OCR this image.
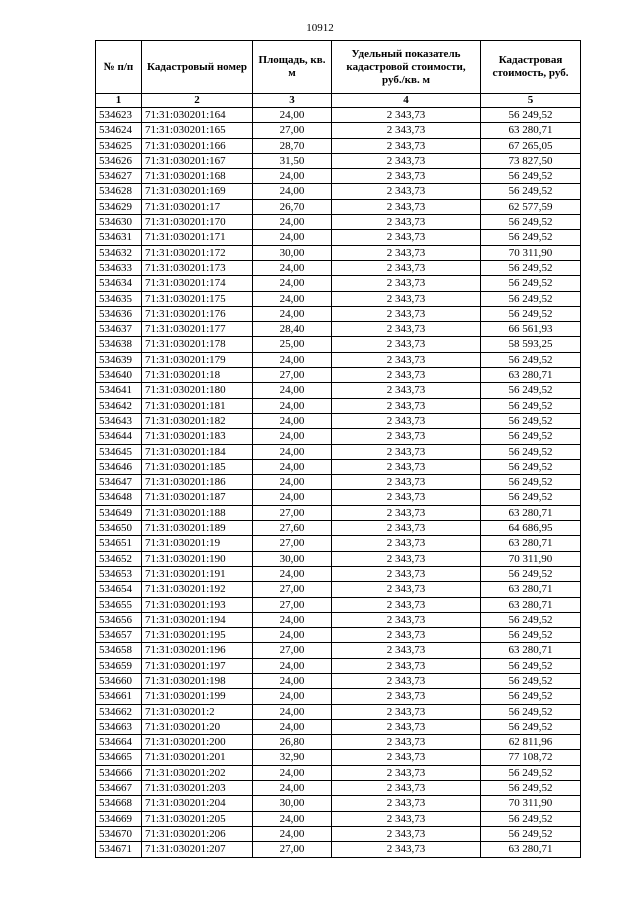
10912
№ п/п	Кадастровый номер	Площадь, кв. м	Удельный показатель кадастровой стоимости, руб./кв. м	Кадастровая стоимость, руб.
1	2	3	4	5
534623	71:31:030201:164	24,00	2 343,73	56 249,52
534624	71:31:030201:165	27,00	2 343,73	63 280,71
534625	71:31:030201:166	28,70	2 343,73	67 265,05
534626	71:31:030201:167	31,50	2 343,73	73 827,50
534627	71:31:030201:168	24,00	2 343,73	56 249,52
534628	71:31:030201:169	24,00	2 343,73	56 249,52
534629	71:31:030201:17	26,70	2 343,73	62 577,59
534630	71:31:030201:170	24,00	2 343,73	56 249,52
534631	71:31:030201:171	24,00	2 343,73	56 249,52
534632	71:31:030201:172	30,00	2 343,73	70 311,90
534633	71:31:030201:173	24,00	2 343,73	56 249,52
534634	71:31:030201:174	24,00	2 343,73	56 249,52
534635	71:31:030201:175	24,00	2 343,73	56 249,52
534636	71:31:030201:176	24,00	2 343,73	56 249,52
534637	71:31:030201:177	28,40	2 343,73	66 561,93
534638	71:31:030201:178	25,00	2 343,73	58 593,25
534639	71:31:030201:179	24,00	2 343,73	56 249,52
534640	71:31:030201:18	27,00	2 343,73	63 280,71
534641	71:31:030201:180	24,00	2 343,73	56 249,52
534642	71:31:030201:181	24,00	2 343,73	56 249,52
534643	71:31:030201:182	24,00	2 343,73	56 249,52
534644	71:31:030201:183	24,00	2 343,73	56 249,52
534645	71:31:030201:184	24,00	2 343,73	56 249,52
534646	71:31:030201:185	24,00	2 343,73	56 249,52
534647	71:31:030201:186	24,00	2 343,73	56 249,52
534648	71:31:030201:187	24,00	2 343,73	56 249,52
534649	71:31:030201:188	27,00	2 343,73	63 280,71
534650	71:31:030201:189	27,60	2 343,73	64 686,95
534651	71:31:030201:19	27,00	2 343,73	63 280,71
534652	71:31:030201:190	30,00	2 343,73	70 311,90
534653	71:31:030201:191	24,00	2 343,73	56 249,52
534654	71:31:030201:192	27,00	2 343,73	63 280,71
534655	71:31:030201:193	27,00	2 343,73	63 280,71
534656	71:31:030201:194	24,00	2 343,73	56 249,52
534657	71:31:030201:195	24,00	2 343,73	56 249,52
534658	71:31:030201:196	27,00	2 343,73	63 280,71
534659	71:31:030201:197	24,00	2 343,73	56 249,52
534660	71:31:030201:198	24,00	2 343,73	56 249,52
534661	71:31:030201:199	24,00	2 343,73	56 249,52
534662	71:31:030201:2	24,00	2 343,73	56 249,52
534663	71:31:030201:20	24,00	2 343,73	56 249,52
534664	71:31:030201:200	26,80	2 343,73	62 811,96
534665	71:31:030201:201	32,90	2 343,73	77 108,72
534666	71:31:030201:202	24,00	2 343,73	56 249,52
534667	71:31:030201:203	24,00	2 343,73	56 249,52
534668	71:31:030201:204	30,00	2 343,73	70 311,90
534669	71:31:030201:205	24,00	2 343,73	56 249,52
534670	71:31:030201:206	24,00	2 343,73	56 249,52
534671	71:31:030201:207	27,00	2 343,73	63 280,71
